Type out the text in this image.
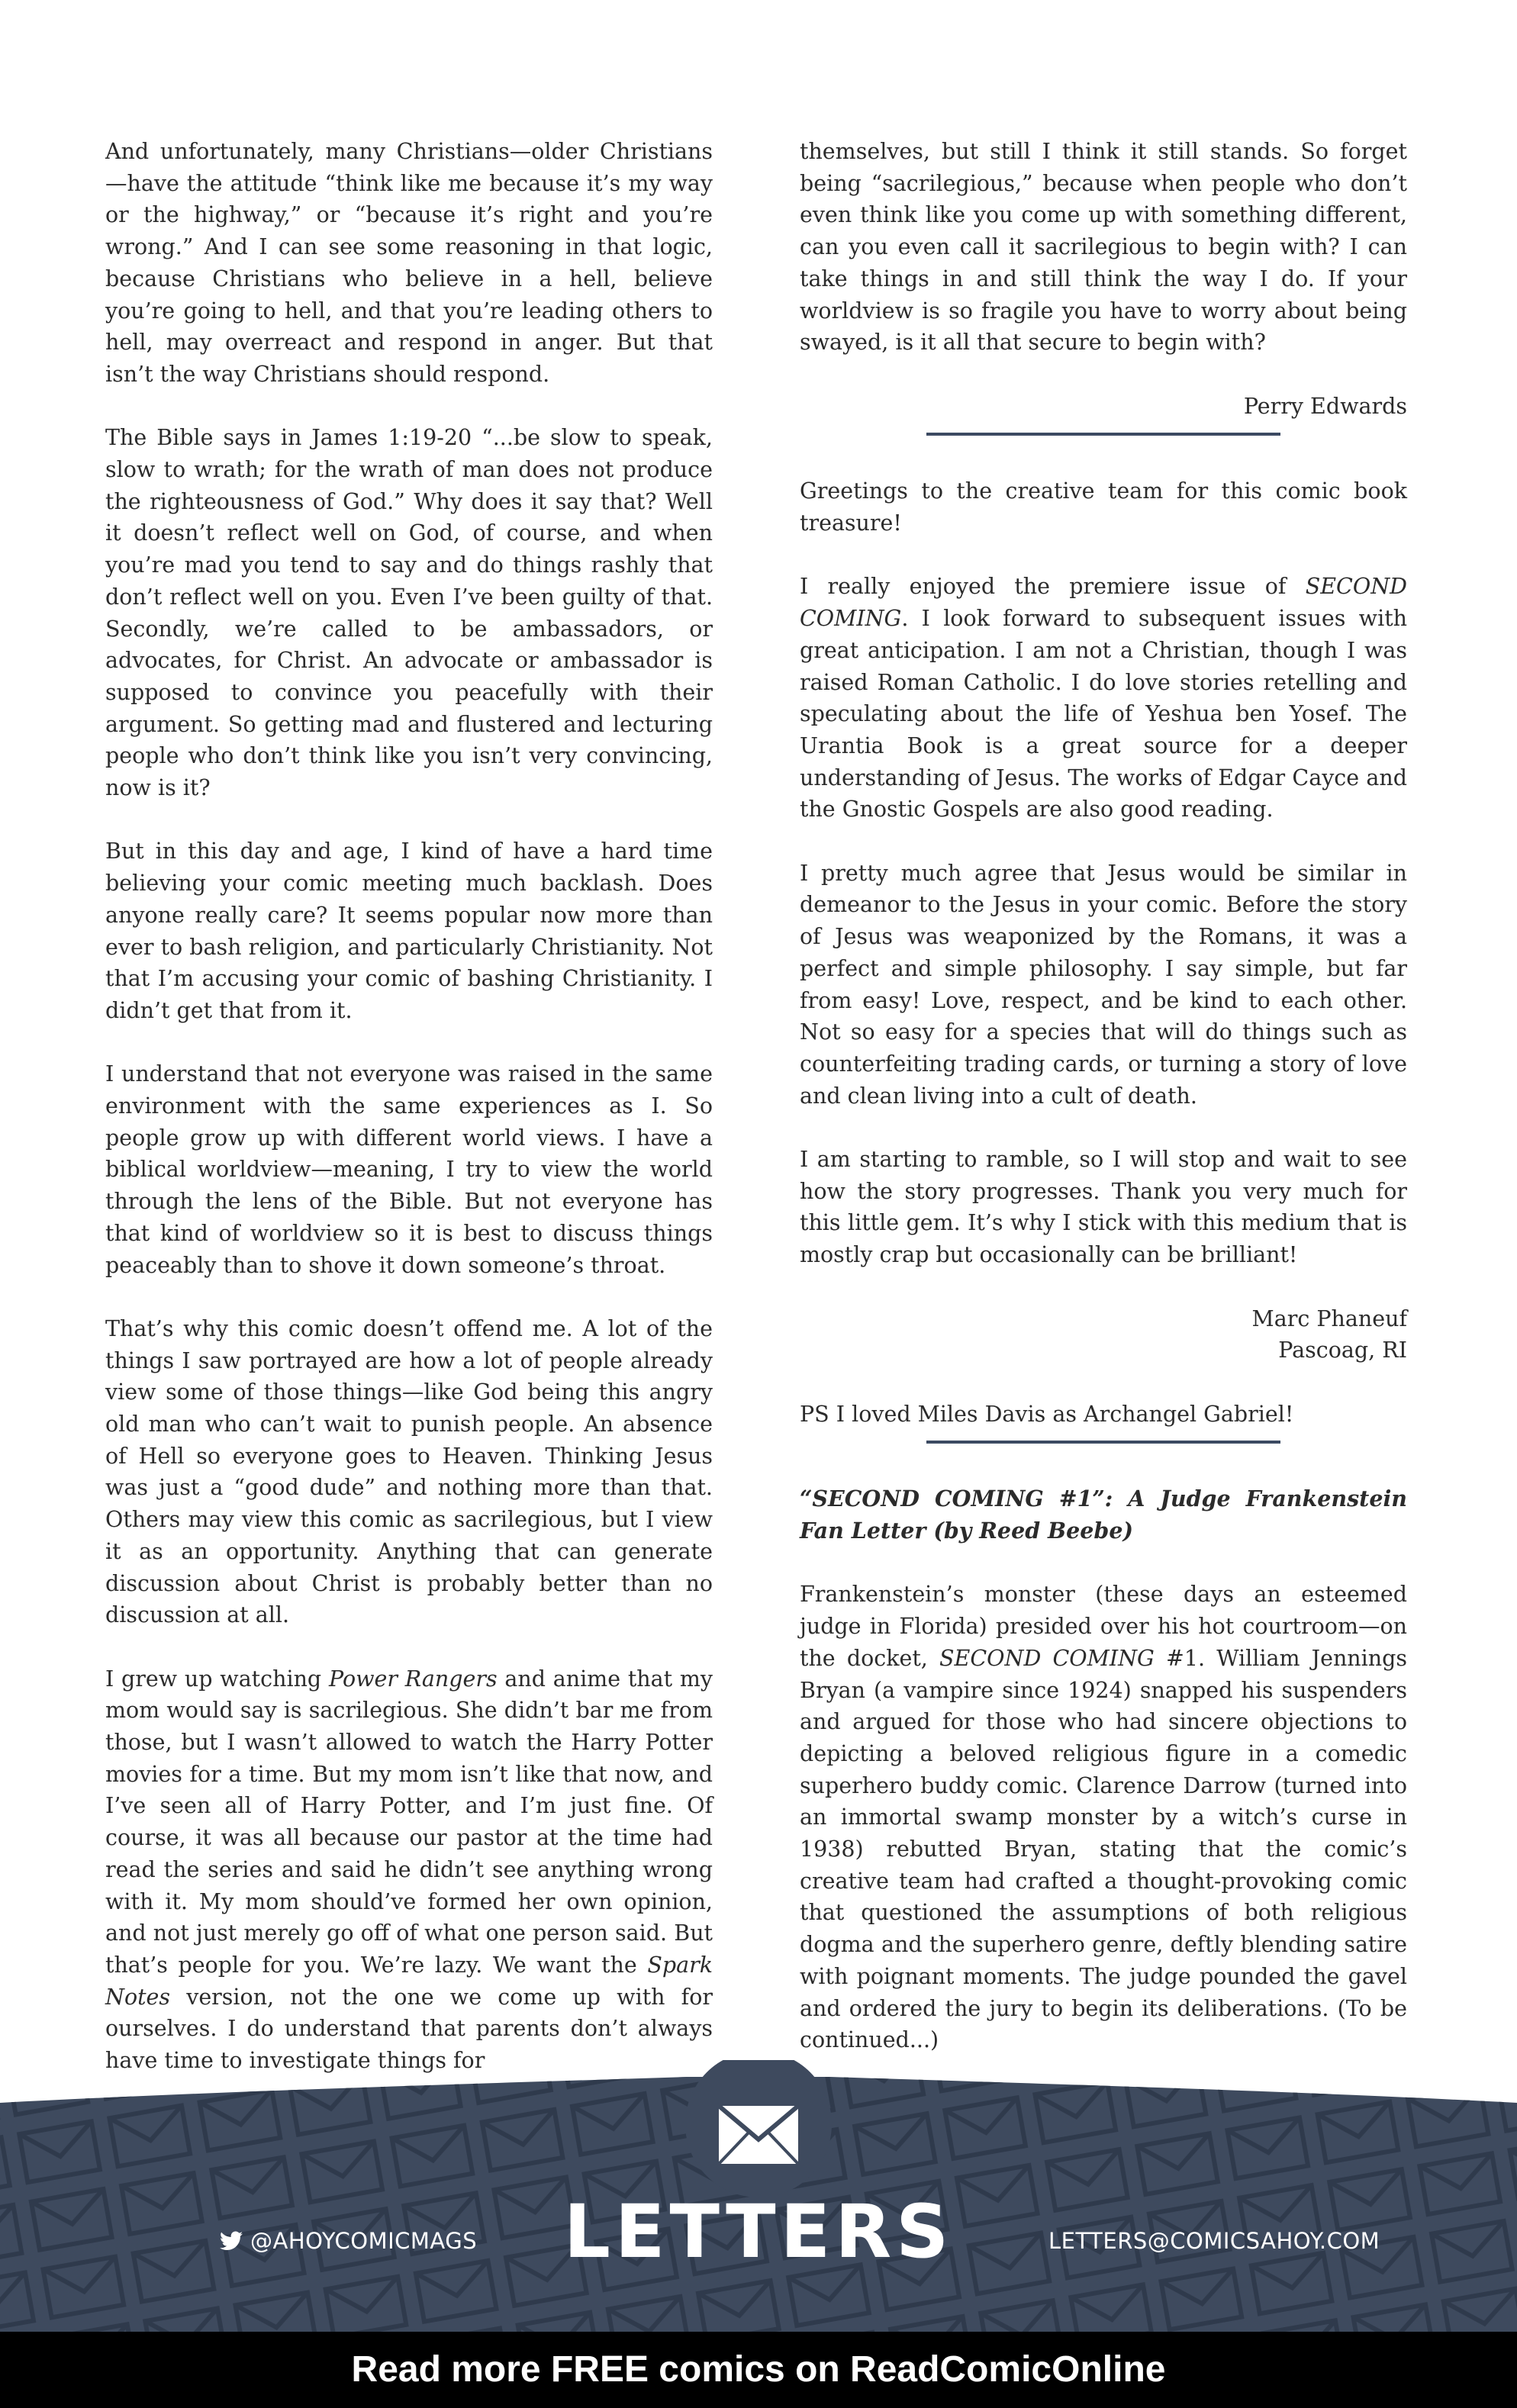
And unfortunately, many Christians—older Christians—have the attitude “think like me because it’s my way or the highway,” or “because it’s right and you’re wrong.” And I can see some reasoning in that logic, because Christians who believe in a hell, believe you’re going to hell, and that you’re leading others to hell, may overreact and respond in anger. But that isn’t the way Christians should respond.

The Bible says in James 1:19-20 “...be slow to speak, slow to wrath; for the wrath of man does not produce the righteousness of God.” Why does it say that? Well it doesn’t reflect well on God, of course, and when you’re mad you tend to say and do things rashly that don’t reflect well on you. Even I’ve been guilty of that. Secondly, we’re called to be ambassadors, or advocates, for Christ. An advocate or ambassador is supposed to convince you peacefully with their argument. So getting mad and flustered and lecturing people who don’t think like you isn’t very convincing, now is it?

But in this day and age, I kind of have a hard time believing your comic meeting much backlash. Does anyone really care? It seems popular now more than ever to bash religion, and particularly Christianity. Not that I’m accusing your comic of bashing Christianity. I didn’t get that from it.

I understand that not everyone was raised in the same environment with the same experiences as I. So people grow up with different world views. I have a biblical worldview—meaning, I try to view the world through the lens of the Bible. But not everyone has that kind of worldview so it is best to discuss things peaceably than to shove it down someone’s throat.

That’s why this comic doesn’t offend me. A lot of the things I saw portrayed are how a lot of people already view some of those things—like God being this angry old man who can’t wait to punish people. An absence of Hell so everyone goes to Heaven. Thinking Jesus was just a “good dude” and nothing more than that. Others may view this comic as sacrilegious, but I view it as an opportunity. Anything that can generate discussion about Christ is probably better than no discussion at all.

I grew up watching Power Rangers and anime that my mom would say is sacrilegious. She didn’t bar me from those, but I wasn’t allowed to watch the Harry Potter movies for a time. But my mom isn’t like that now, and I’ve seen all of Harry Potter, and I’m just fine. Of course, it was all because our pastor at the time had read the series and said he didn’t see anything wrong with it. My mom should’ve formed her own opinion, and not just merely go off of what one person said. But that’s people for you. We’re lazy. We want the Spark Notes version, not the one we come up with for ourselves. I do understand that parents don’t always have time to investigate things for

themselves, but still I think it still stands. So forget being “sacrilegious,” because when people who don’t even think like you come up with something different, can you even call it sacrilegious to begin with? I can take things in and still think the way I do. If your worldview is so fragile you have to worry about being swayed, is it all that secure to begin with?

Perry Edwards

Greetings to the creative team for this comic book treasure!

I really enjoyed the premiere issue of SECOND COMING. I look forward to subsequent issues with great anticipation. I am not a Christian, though I was raised Roman Catholic. I do love stories retelling and speculating about the life of Yeshua ben Yosef. The Urantia Book is a great source for a deeper understanding of Jesus. The works of Edgar Cayce and the Gnostic Gospels are also good reading.

I pretty much agree that Jesus would be similar in demeanor to the Jesus in your comic. Before the story of Jesus was weaponized by the Romans, it was a perfect and simple philosophy. I say simple, but far from easy! Love, respect, and be kind to each other. Not so easy for a species that will do things such as counterfeiting trading cards, or turning a story of love and clean living into a cult of death.

I am starting to ramble, so I will stop and wait to see how the story progresses. Thank you very much for this little gem. It’s why I stick with this medium that is mostly crap but occasionally can be brilliant!

Marc Phaneuf
Pascoag, RI

PS I loved Miles Davis as Archangel Gabriel!

“SECOND COMING #1”: A Judge Frankenstein Fan Letter (by Reed Beebe)

Frankenstein’s monster (these days an esteemed judge in Florida) presided over his hot courtroom—on the docket, SECOND COMING #1. William Jennings Bryan (a vampire since 1924) snapped his suspenders and argued for those who had sincere objections to depicting a beloved religious figure in a comedic superhero buddy comic. Clarence Darrow (turned into an immortal swamp monster by a witch’s curse in 1938) rebutted Bryan, stating that the comic’s creative team had crafted a thought-provoking comic that questioned the assumptions of both religious dogma and the superhero genre, deftly blending satire with poignant moments. The judge pounded the gavel and ordered the jury to begin its deliberations. (To be continued...)

@AHOYCOMICMAGS	LETTERS	LETTERS@COMICSAHOY.COM
Read more FREE comics on ReadComicOnline
